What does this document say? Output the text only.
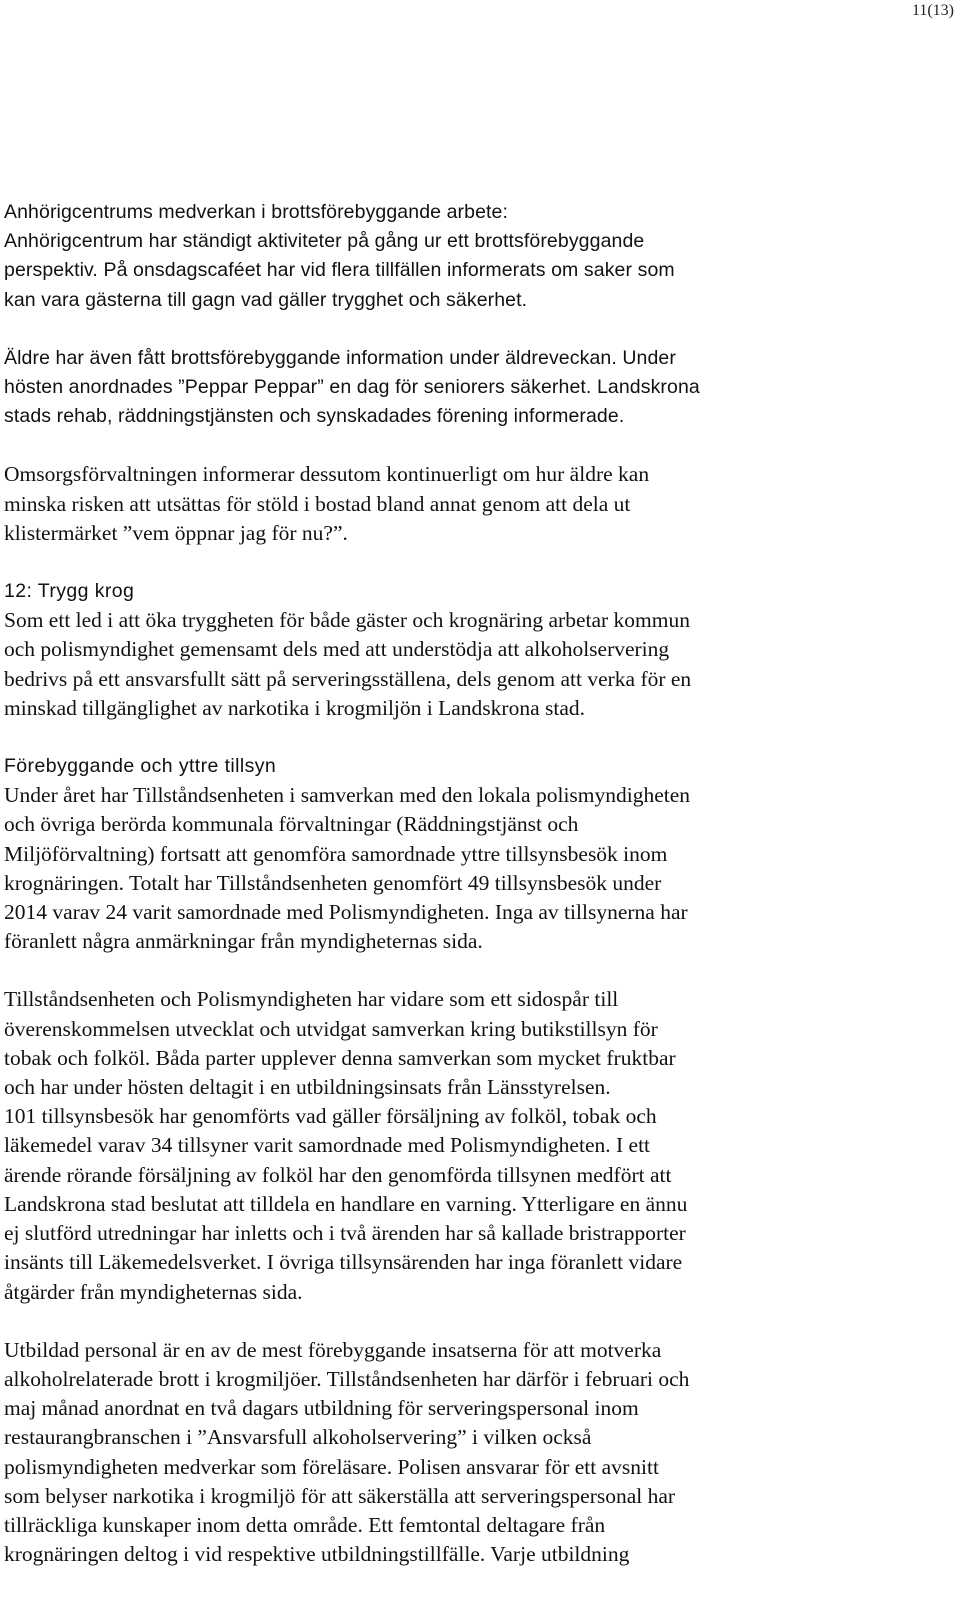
11(13)
Anhörigcentrums medverkan i brottsförebyggande arbete:
Anhörigcentrum har ständigt aktiviteter på gång ur ett brottsförebyggande
perspektiv. På onsdagscaféet har vid flera tillfällen informerats om saker som
kan vara gästerna till gagn vad gäller trygghet och säkerhet.
Äldre har även fått brottsförebyggande information under äldreveckan. Under
hösten anordnades ”Peppar Peppar” en dag för seniorers säkerhet. Landskrona
stads rehab, räddningstjänsten och synskadades förening informerade.
Omsorgsförvaltningen informerar dessutom kontinuerligt om hur äldre kan
minska risken att utsättas för stöld i bostad bland annat genom att dela ut
klistermärket ”vem öppnar jag för nu?”.
12: Trygg krog
Som ett led i att öka tryggheten för både gäster och krognäring arbetar kommun
och polismyndighet gemensamt dels med att understödja att alkoholservering
bedrivs på ett ansvarsfullt sätt på serveringsställena, dels genom att verka för en
minskad tillgänglighet av narkotika i krogmiljön i Landskrona stad.
Förebyggande och yttre tillsyn
Under året har Tillståndsenheten i samverkan med den lokala polismyndigheten
och övriga berörda kommunala förvaltningar (Räddningstjänst och
Miljöförvaltning) fortsatt att genomföra samordnade yttre tillsynsbesök inom
krognäringen. Totalt har Tillståndsenheten genomfört 49 tillsynsbesök under
2014 varav 24 varit samordnade med Polismyndigheten. Inga av tillsynerna har
föranlett några anmärkningar från myndigheternas sida.
Tillståndsenheten och Polismyndigheten har vidare som ett sidospår till
överenskommelsen utvecklat och utvidgat samverkan kring butikstillsyn för
tobak och folköl. Båda parter upplever denna samverkan som mycket fruktbar
och har under hösten deltagit i en utbildningsinsats från Länsstyrelsen.
101 tillsynsbesök har genomförts vad gäller försäljning av folköl, tobak och
läkemedel varav 34 tillsyner varit samordnade med Polismyndigheten. I ett
ärende rörande försäljning av folköl har den genomförda tillsynen medfört att
Landskrona stad beslutat att tilldela en handlare en varning. Ytterligare en ännu
ej slutförd utredningar har inletts och i två ärenden har så kallade bristrapporter
insänts till Läkemedelsverket. I övriga tillsynsärenden har inga föranlett vidare
åtgärder från myndigheternas sida.
Utbildad personal är en av de mest förebyggande insatserna för att motverka
alkoholrelaterade brott i krogmiljöer. Tillståndsenheten har därför i februari och
maj månad anordnat en två dagars utbildning för serveringspersonal inom
restaurangbranschen i ”Ansvarsfull alkoholservering” i vilken också
polismyndigheten medverkar som föreläsare. Polisen ansvarar för ett avsnitt
som belyser narkotika i krogmiljö för att säkerställa att serveringspersonal har
tillräckliga kunskaper inom detta område. Ett femtontal deltagare från
krognäringen deltog i vid respektive utbildningstillfälle. Varje utbildning
